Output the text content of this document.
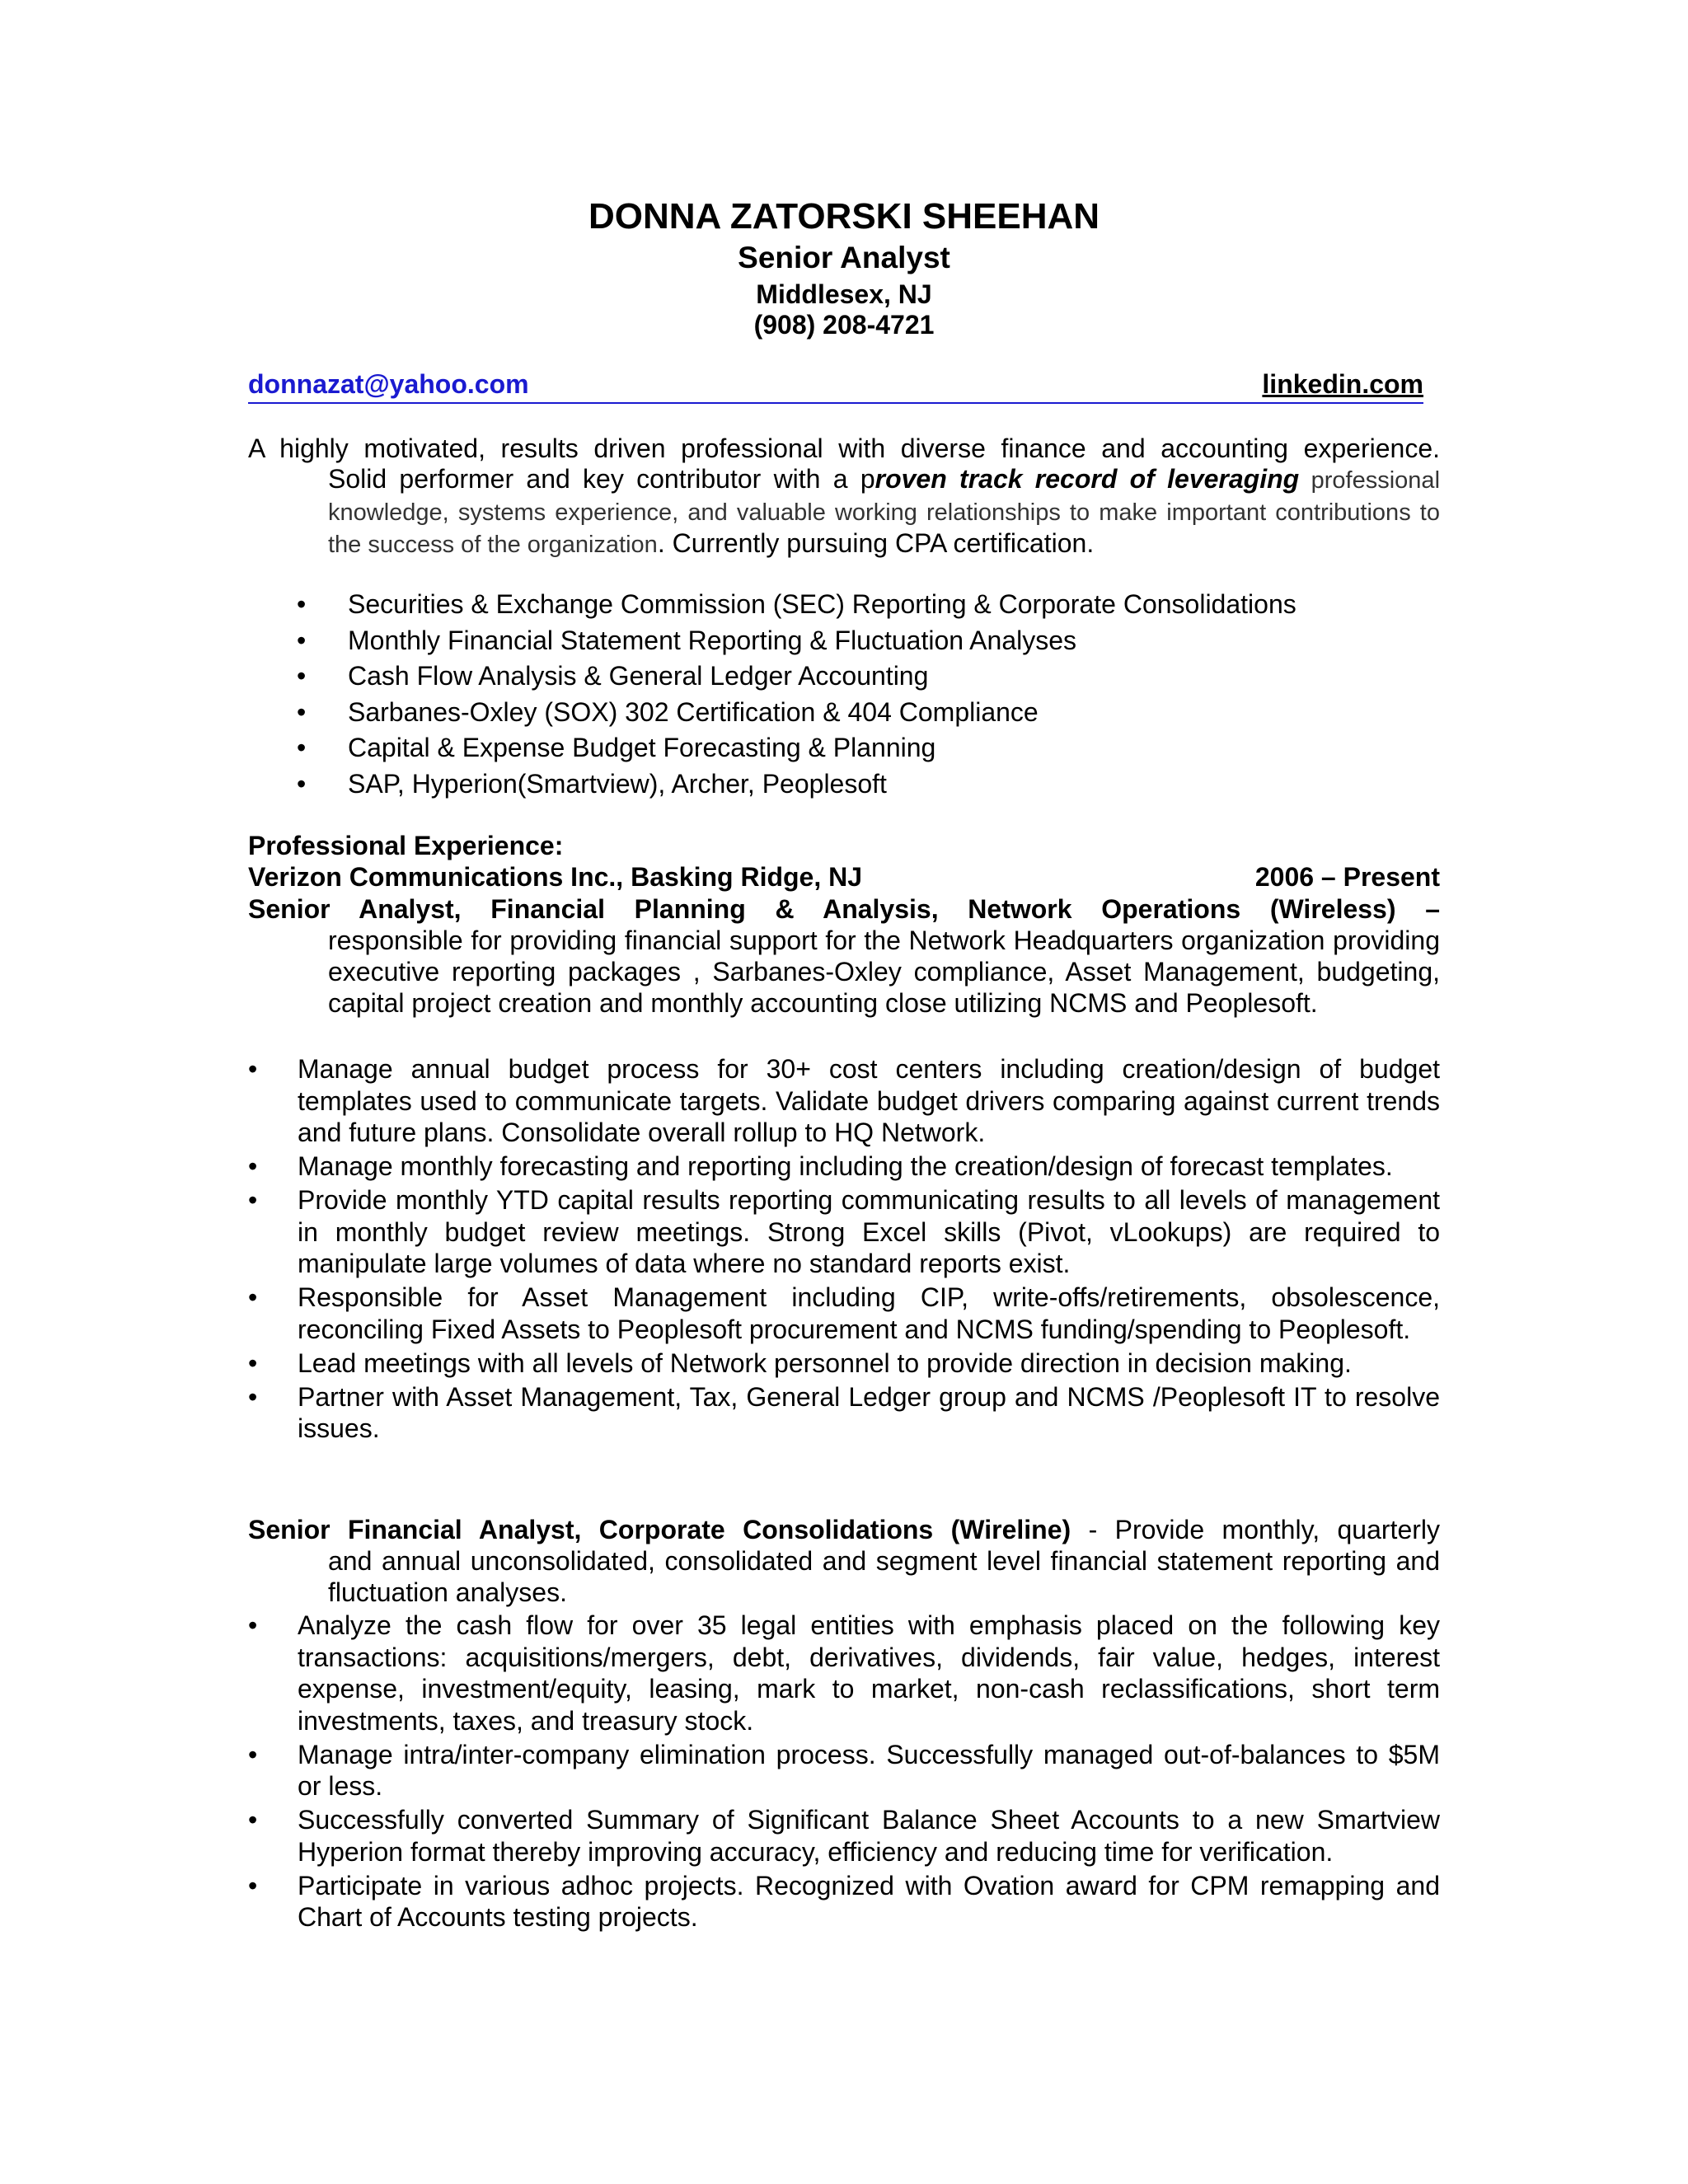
DONNA ZATORSKI SHEEHAN
Senior Analyst
Middlesex, NJ
(908) 208-4721
donnazat@yahoo.com	linkedin.com
A highly motivated, results driven professional with diverse finance and accounting experience.
Solid performer and key contributor with a proven track record of leveraging professional knowledge, systems experience, and valuable working relationships to make important contributions to the success of the organization. Currently pursuing CPA certification.
• Securities & Exchange Commission (SEC) Reporting & Corporate Consolidations
• Monthly Financial Statement Reporting & Fluctuation Analyses
• Cash Flow Analysis & General Ledger Accounting
• Sarbanes-Oxley (SOX) 302 Certification & 404 Compliance
• Capital & Expense Budget Forecasting & Planning
• SAP, Hyperion(Smartview), Archer, Peoplesoft
Professional Experience:
Verizon Communications Inc., Basking Ridge, NJ	2006 – Present
Senior Analyst, Financial Planning & Analysis, Network Operations (Wireless) –
responsible for providing financial support for the Network Headquarters organization providing executive reporting packages , Sarbanes-Oxley compliance, Asset Management, budgeting, capital project creation and monthly accounting close utilizing NCMS and Peoplesoft.
• Manage annual budget process for 30+ cost centers including creation/design of budget templates used to communicate targets. Validate budget drivers comparing against current trends and future plans. Consolidate overall rollup to HQ Network.
• Manage monthly forecasting and reporting including the creation/design of forecast templates.
• Provide monthly YTD capital results reporting communicating results to all levels of management in monthly budget review meetings. Strong Excel skills (Pivot, vLookups) are required to manipulate large volumes of data where no standard reports exist.
• Responsible for Asset Management including CIP, write-offs/retirements, obsolescence, reconciling Fixed Assets to Peoplesoft procurement and NCMS funding/spending to Peoplesoft.
• Lead meetings with all levels of Network personnel to provide direction in decision making.
• Partner with Asset Management, Tax, General Ledger group and NCMS /Peoplesoft IT to resolve issues.
Senior Financial Analyst, Corporate Consolidations (Wireline) - Provide monthly, quarterly
and annual unconsolidated, consolidated and segment level financial statement reporting and fluctuation analyses.
• Analyze the cash flow for over 35 legal entities with emphasis placed on the following key transactions: acquisitions/mergers, debt, derivatives, dividends, fair value, hedges, interest expense, investment/equity, leasing, mark to market, non-cash reclassifications, short term investments, taxes, and treasury stock.
• Manage intra/inter-company elimination process. Successfully managed out-of-balances to $5M or less.
• Successfully converted Summary of Significant Balance Sheet Accounts to a new Smartview Hyperion format thereby improving accuracy, efficiency and reducing time for verification.
• Participate in various adhoc projects. Recognized with Ovation award for CPM remapping and Chart of Accounts testing projects.
